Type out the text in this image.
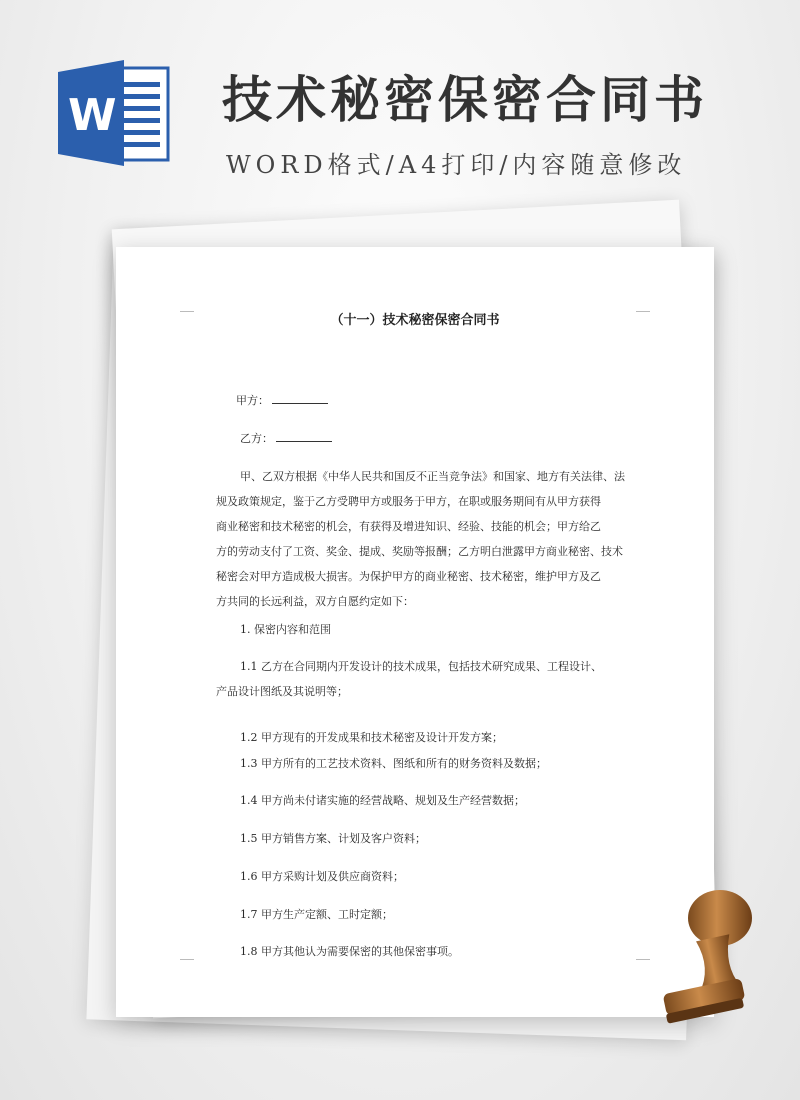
W 技术秘密保密合同书
WORD格式/A4打印/内容随意修改
（十一）技术秘密保密合同书
甲方：
乙方：
甲、乙双方根据《中华人民共和国反不正当竞争法》和国家、地方有关法律、法
规及政策规定，鉴于乙方受聘甲方或服务于甲方，在职或服务期间有从甲方获得
商业秘密和技术秘密的机会，有获得及增进知识、经验、技能的机会；甲方给乙
方的劳动支付了工资、奖金、提成、奖励等报酬；乙方明白泄露甲方商业秘密、技术
秘密会对甲方造成极大损害。为保护甲方的商业秘密、技术秘密，维护甲方及乙
方共同的长远利益，双方自愿约定如下：
1. 保密内容和范围
1.1 乙方在合同期内开发设计的技术成果，包括技术研究成果、工程设计、
产品设计图纸及其说明等；
1.2 甲方现有的开发成果和技术秘密及设计开发方案；
1.3 甲方所有的工艺技术资料、图纸和所有的财务资料及数据；
1.4 甲方尚未付诸实施的经营战略、规划及生产经营数据；
1.5 甲方销售方案、计划及客户资料；
1.6 甲方采购计划及供应商资料；
1.7 甲方生产定额、工时定额；
1.8 甲方其他认为需要保密的其他保密事项。
